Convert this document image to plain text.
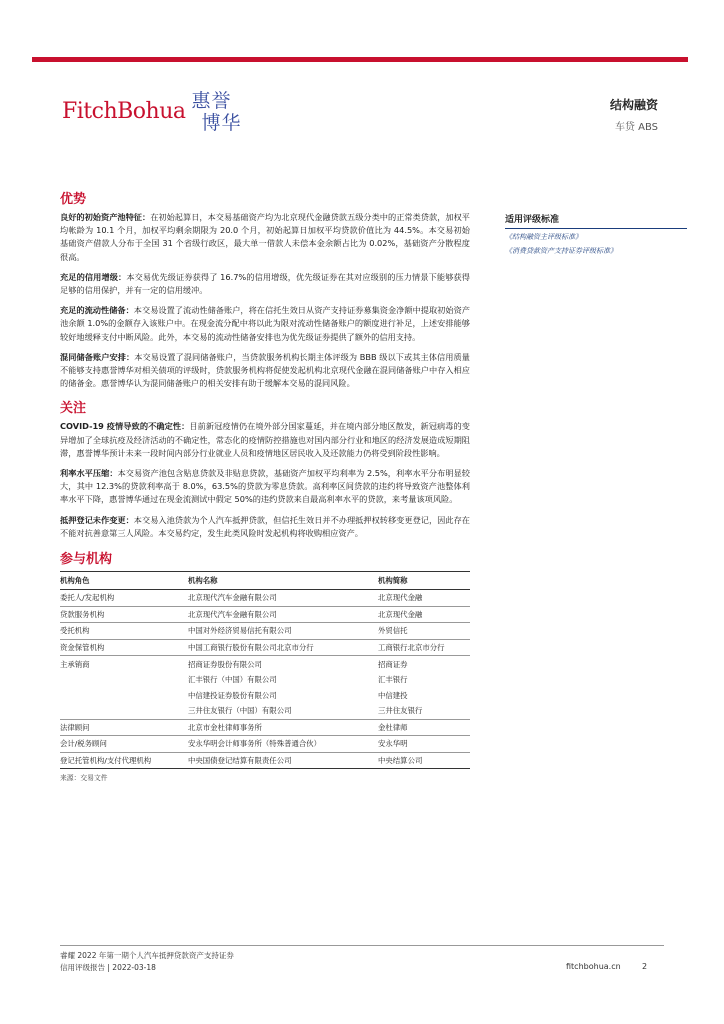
FitchBohua 惠誉
博华
结构融资
车贷 ABS
优势

良好的初始资产池特征：在初始起算日，本交易基础资产均为北京现代金融贷款五级分类中的正常类贷款，加权平均帐龄为 10.1 个月，加权平均剩余期限为 20.0 个月，初始起算日加权平均贷款价值比为 44.5%。本交易初始基础资产借款人分布于全国 31 个省级行政区，最大单一借款人未偿本金余额占比为 0.02%，基础资产分散程度很高。

充足的信用增级：本交易优先级证券获得了 16.7%的信用增级，优先级证券在其对应级别的压力情景下能够获得足够的信用保护，并有一定的信用缓冲。

充足的流动性储备：本交易设置了流动性储备账户，将在信托生效日从资产支持证券募集资金净额中提取初始资产池余额 1.0%的金额存入该账户中。在现金流分配中将以此为限对流动性储备账户的额度进行补足，上述安排能够较好地缓释支付中断风险。此外，本交易的流动性储备安排也为优先级证券提供了额外的信用支持。

混同储备账户安排：本交易设置了混同储备账户，当贷款服务机构长期主体评级为 BBB 级以下或其主体信用质量不能够支持惠誉博华对相关债项的评级时，贷款服务机构将促使发起机构北京现代金融在混同储备账户中存入相应的储备金。惠誉博华认为混同储备账户的相关安排有助于缓解本交易的混同风险。

关注

COVID-19 疫情导致的不确定性：目前新冠疫情仍在境外部分国家蔓延，并在境内部分地区散发，新冠病毒的变异增加了全球抗疫及经济活动的不确定性，常态化的疫情防控措施也对国内部分行业和地区的经济发展造成短期阻滞，惠誉博华预计未来一段时间内部分行业就业人员和疫情地区居民收入及还款能力仍将受到阶段性影响。

利率水平压缩：本交易资产池包含贴息贷款及非贴息贷款，基础资产加权平均利率为 2.5%，利率水平分布明显较大，其中 12.3%的贷款利率高于 8.0%，63.5%的贷款为零息贷款。高利率区间贷款的违约将导致资产池整体利率水平下降，惠誉博华通过在现金流测试中假定 50%的违约贷款来自最高利率水平的贷款，来考量该项风险。

抵押登记未作变更：本交易入池贷款为个人汽车抵押贷款，但信托生效日并不办理抵押权转移变更登记，因此存在不能对抗善意第三人风险。本交易约定，发生此类风险时发起机构将收购相应资产。

参与机构
机构角色	机构名称	机构简称
委托人/发起机构	北京现代汽车金融有限公司	北京现代金融
贷款服务机构	北京现代汽车金融有限公司	北京现代金融
受托机构	中国对外经济贸易信托有限公司	外贸信托
资金保管机构	中国工商银行股份有限公司北京市分行	工商银行北京市分行
主承销商	招商证券股份有限公司	招商证券
	汇丰银行（中国）有限公司	汇丰银行
	中信建投证券股份有限公司	中信建投
	三井住友银行（中国）有限公司	三井住友银行
法律顾问	北京市金杜律师事务所	金杜律师
会计/税务顾问	安永华明会计师事务所（特殊普通合伙）	安永华明
登记托管机构/支付代理机构	中央国债登记结算有限责任公司	中央结算公司
来源：交易文件
适用评级标准
《结构融资主评级标准》
《消费贷款资产支持证券评级标准》
睿耀 2022 年第一期个人汽车抵押贷款资产支持证券
信用评级报告 | 2022-03-18	fitchbohua.cn	2
